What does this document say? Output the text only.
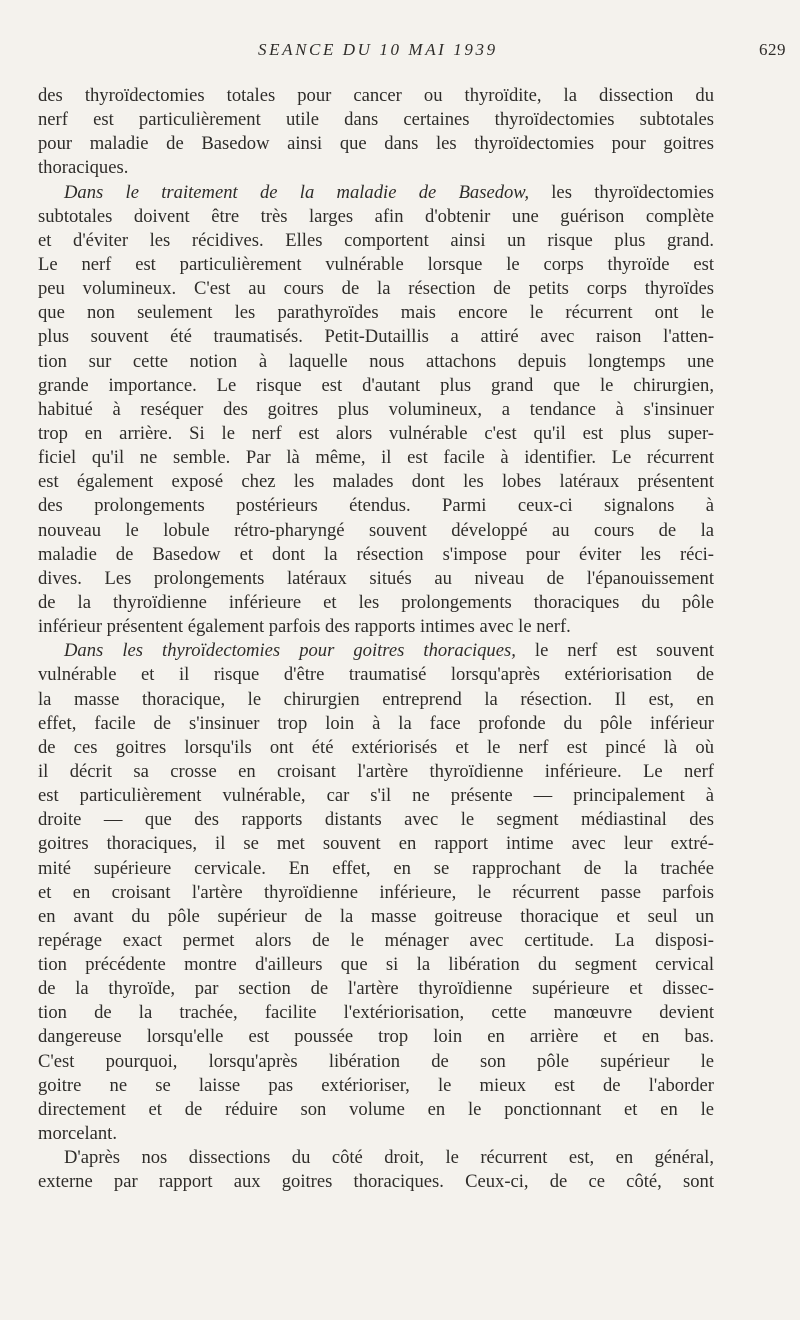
SEANCE DU 10 MAI 1939	629
des thyroïdectomies totales pour cancer ou thyroïdite, la dissection du
nerf est particulièrement utile dans certaines thyroïdectomies subtotales
pour maladie de Basedow ainsi que dans les thyroïdectomies pour goitres
thoraciques.
Dans le traitement de la maladie de Basedow, les thyroïdectomies
subtotales doivent être très larges afin d'obtenir une guérison complète
et d'éviter les récidives. Elles comportent ainsi un risque plus grand.
Le nerf est particulièrement vulnérable lorsque le corps thyroïde est
peu volumineux. C'est au cours de la résection de petits corps thyroïdes
que non seulement les parathyroïdes mais encore le récurrent ont le
plus souvent été traumatisés. Petit-Dutaillis a attiré avec raison l'atten-
tion sur cette notion à laquelle nous attachons depuis longtemps une
grande importance. Le risque est d'autant plus grand que le chirurgien,
habitué à reséquer des goitres plus volumineux, a tendance à s'insinuer
trop en arrière. Si le nerf est alors vulnérable c'est qu'il est plus super-
ficiel qu'il ne semble. Par là même, il est facile à identifier. Le récurrent
est également exposé chez les malades dont les lobes latéraux présentent
des prolongements postérieurs étendus. Parmi ceux-ci signalons à
nouveau le lobule rétro-pharyngé souvent développé au cours de la
maladie de Basedow et dont la résection s'impose pour éviter les réci-
dives. Les prolongements latéraux situés au niveau de l'épanouissement
de la thyroïdienne inférieure et les prolongements thoraciques du pôle
inférieur présentent également parfois des rapports intimes avec le nerf.
Dans les thyroïdectomies pour goitres thoraciques, le nerf est souvent
vulnérable et il risque d'être traumatisé lorsqu'après extériorisation de
la masse thoracique, le chirurgien entreprend la résection. Il est, en
effet, facile de s'insinuer trop loin à la face profonde du pôle inférieur
de ces goitres lorsqu'ils ont été extériorisés et le nerf est pincé là où
il décrit sa crosse en croisant l'artère thyroïdienne inférieure. Le nerf
est particulièrement vulnérable, car s'il ne présente — principalement à
droite — que des rapports distants avec le segment médiastinal des
goitres thoraciques, il se met souvent en rapport intime avec leur extré-
mité supérieure cervicale. En effet, en se rapprochant de la trachée
et en croisant l'artère thyroïdienne inférieure, le récurrent passe parfois
en avant du pôle supérieur de la masse goitreuse thoracique et seul un
repérage exact permet alors de le ménager avec certitude. La disposi-
tion précédente montre d'ailleurs que si la libération du segment cervical
de la thyroïde, par section de l'artère thyroïdienne supérieure et dissec-
tion de la trachée, facilite l'extériorisation, cette manœuvre devient
dangereuse lorsqu'elle est poussée trop loin en arrière et en bas.
C'est pourquoi, lorsqu'après libération de son pôle supérieur le
goitre ne se laisse pas extérioriser, le mieux est de l'aborder
directement et de réduire son volume en le ponctionnant et en le
morcelant.
D'après nos dissections du côté droit, le récurrent est, en général,
externe par rapport aux goitres thoraciques. Ceux-ci, de ce côté, sont
